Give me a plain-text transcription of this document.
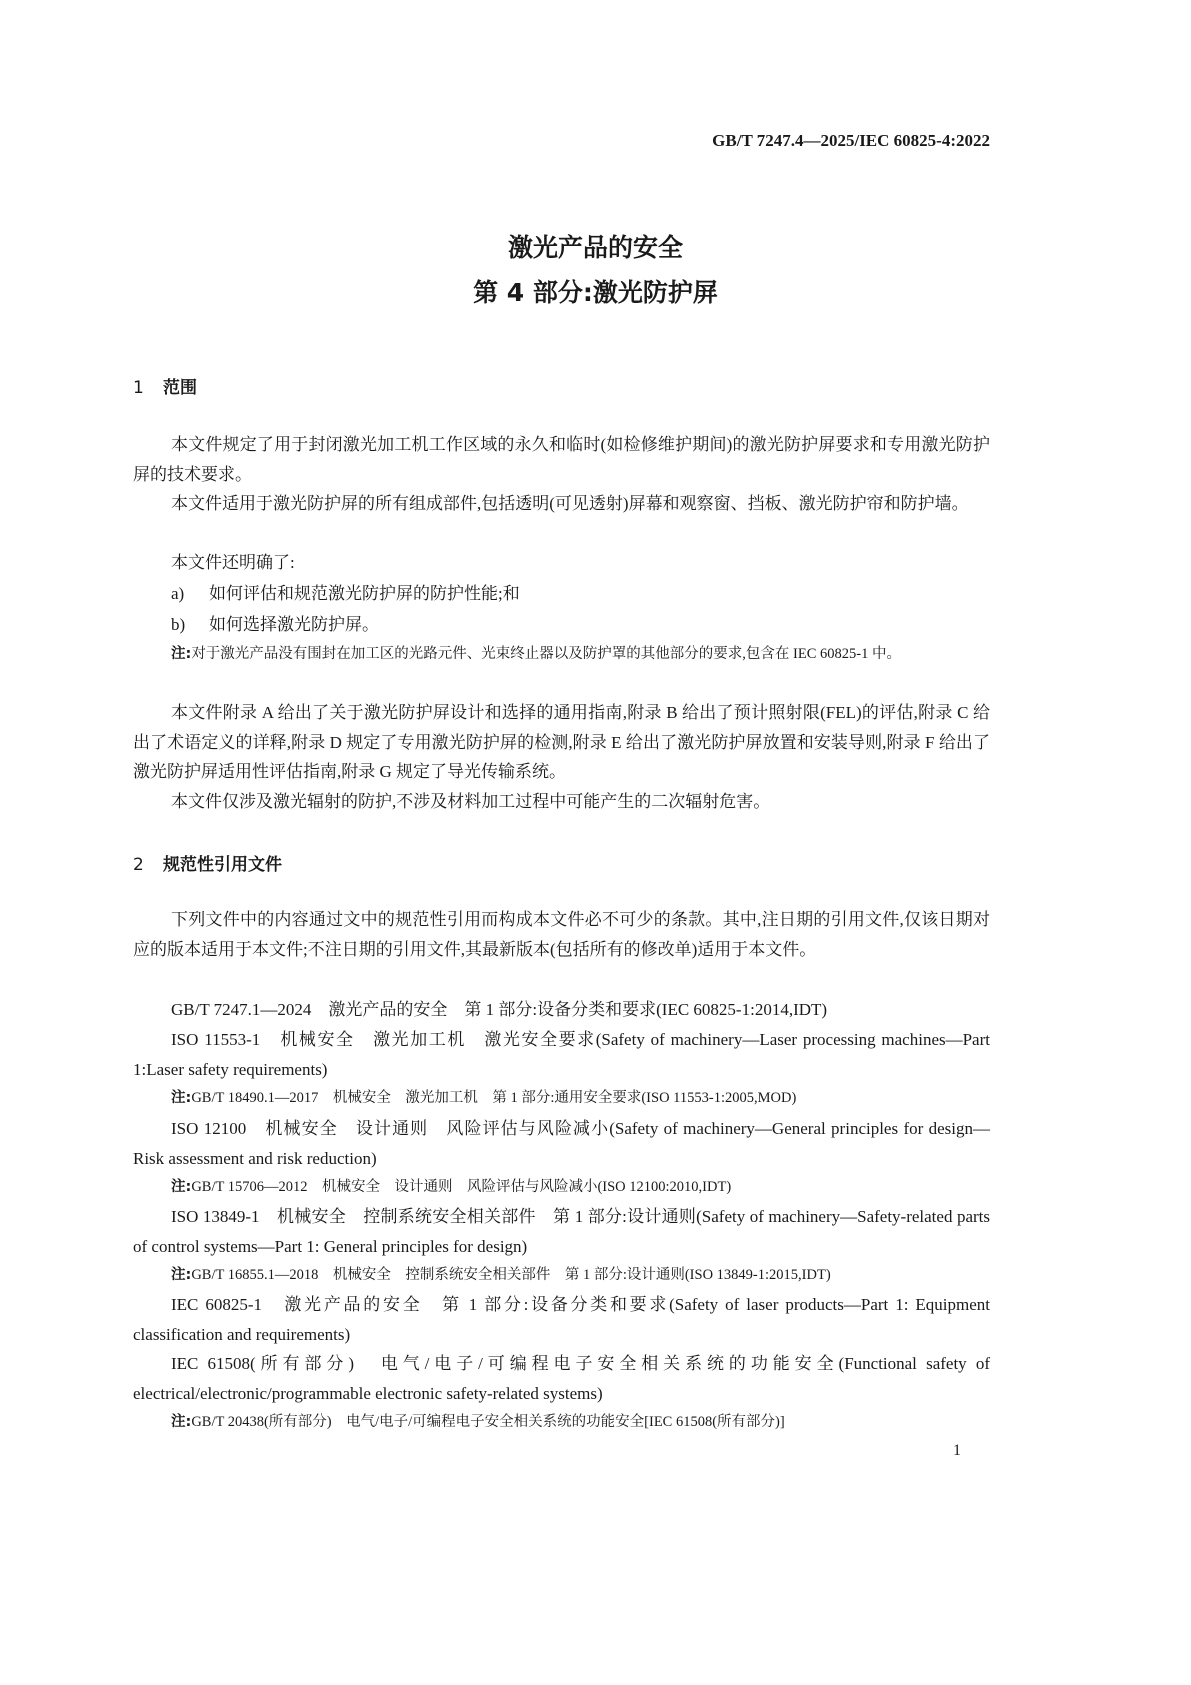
GB/T 7247.4—2025/IEC 60825-4:2022
激光产品的安全
第 4 部分:激光防护屏
1 范围
本文件规定了用于封闭激光加工机工作区域的永久和临时(如检修维护期间)的激光防护屏要求和专用激光防护屏的技术要求。
本文件适用于激光防护屏的所有组成部件,包括透明(可见透射)屏幕和观察窗、挡板、激光防护帘和防护墙。
本文件还明确了:
a) 如何评估和规范激光防护屏的防护性能;和
b) 如何选择激光防护屏。
注:对于激光产品没有围封在加工区的光路元件、光束终止器以及防护罩的其他部分的要求,包含在 IEC 60825-1 中。
本文件附录 A 给出了关于激光防护屏设计和选择的通用指南,附录 B 给出了预计照射限(FEL)的评估,附录 C 给出了术语定义的详释,附录 D 规定了专用激光防护屏的检测,附录 E 给出了激光防护屏放置和安装导则,附录 F 给出了激光防护屏适用性评估指南,附录 G 规定了导光传输系统。
本文件仅涉及激光辐射的防护,不涉及材料加工过程中可能产生的二次辐射危害。
2 规范性引用文件
下列文件中的内容通过文中的规范性引用而构成本文件必不可少的条款。其中,注日期的引用文件,仅该日期对应的版本适用于本文件;不注日期的引用文件,其最新版本(包括所有的修改单)适用于本文件。
GB/T 7247.1—2024　激光产品的安全　第 1 部分:设备分类和要求(IEC 60825-1:2014,IDT)
ISO 11553-1　机械安全　激光加工机　激光安全要求(Safety of machinery—Laser processing machines—Part 1:Laser safety requirements)
注:GB/T 18490.1—2017　机械安全　激光加工机　第 1 部分:通用安全要求(ISO 11553-1:2005,MOD)
ISO 12100　机械安全　设计通则　风险评估与风险减小(Safety of machinery—General principles for design—Risk assessment and risk reduction)
注:GB/T 15706—2012　机械安全　设计通则　风险评估与风险减小(ISO 12100:2010,IDT)
ISO 13849-1　机械安全　控制系统安全相关部件　第 1 部分:设计通则(Safety of machinery—Safety-related parts of control systems—Part 1: General principles for design)
注:GB/T 16855.1—2018　机械安全　控制系统安全相关部件　第 1 部分:设计通则(ISO 13849-1:2015,IDT)
IEC 60825-1　激光产品的安全　第 1 部分:设备分类和要求(Safety of laser products—Part 1: Equipment classification and requirements)
IEC 61508(所有部分)　电气/电子/可编程电子安全相关系统的功能安全(Functional safety of electrical/electronic/programmable electronic safety-related systems)
注:GB/T 20438(所有部分)　电气/电子/可编程电子安全相关系统的功能安全[IEC 61508(所有部分)]
1
